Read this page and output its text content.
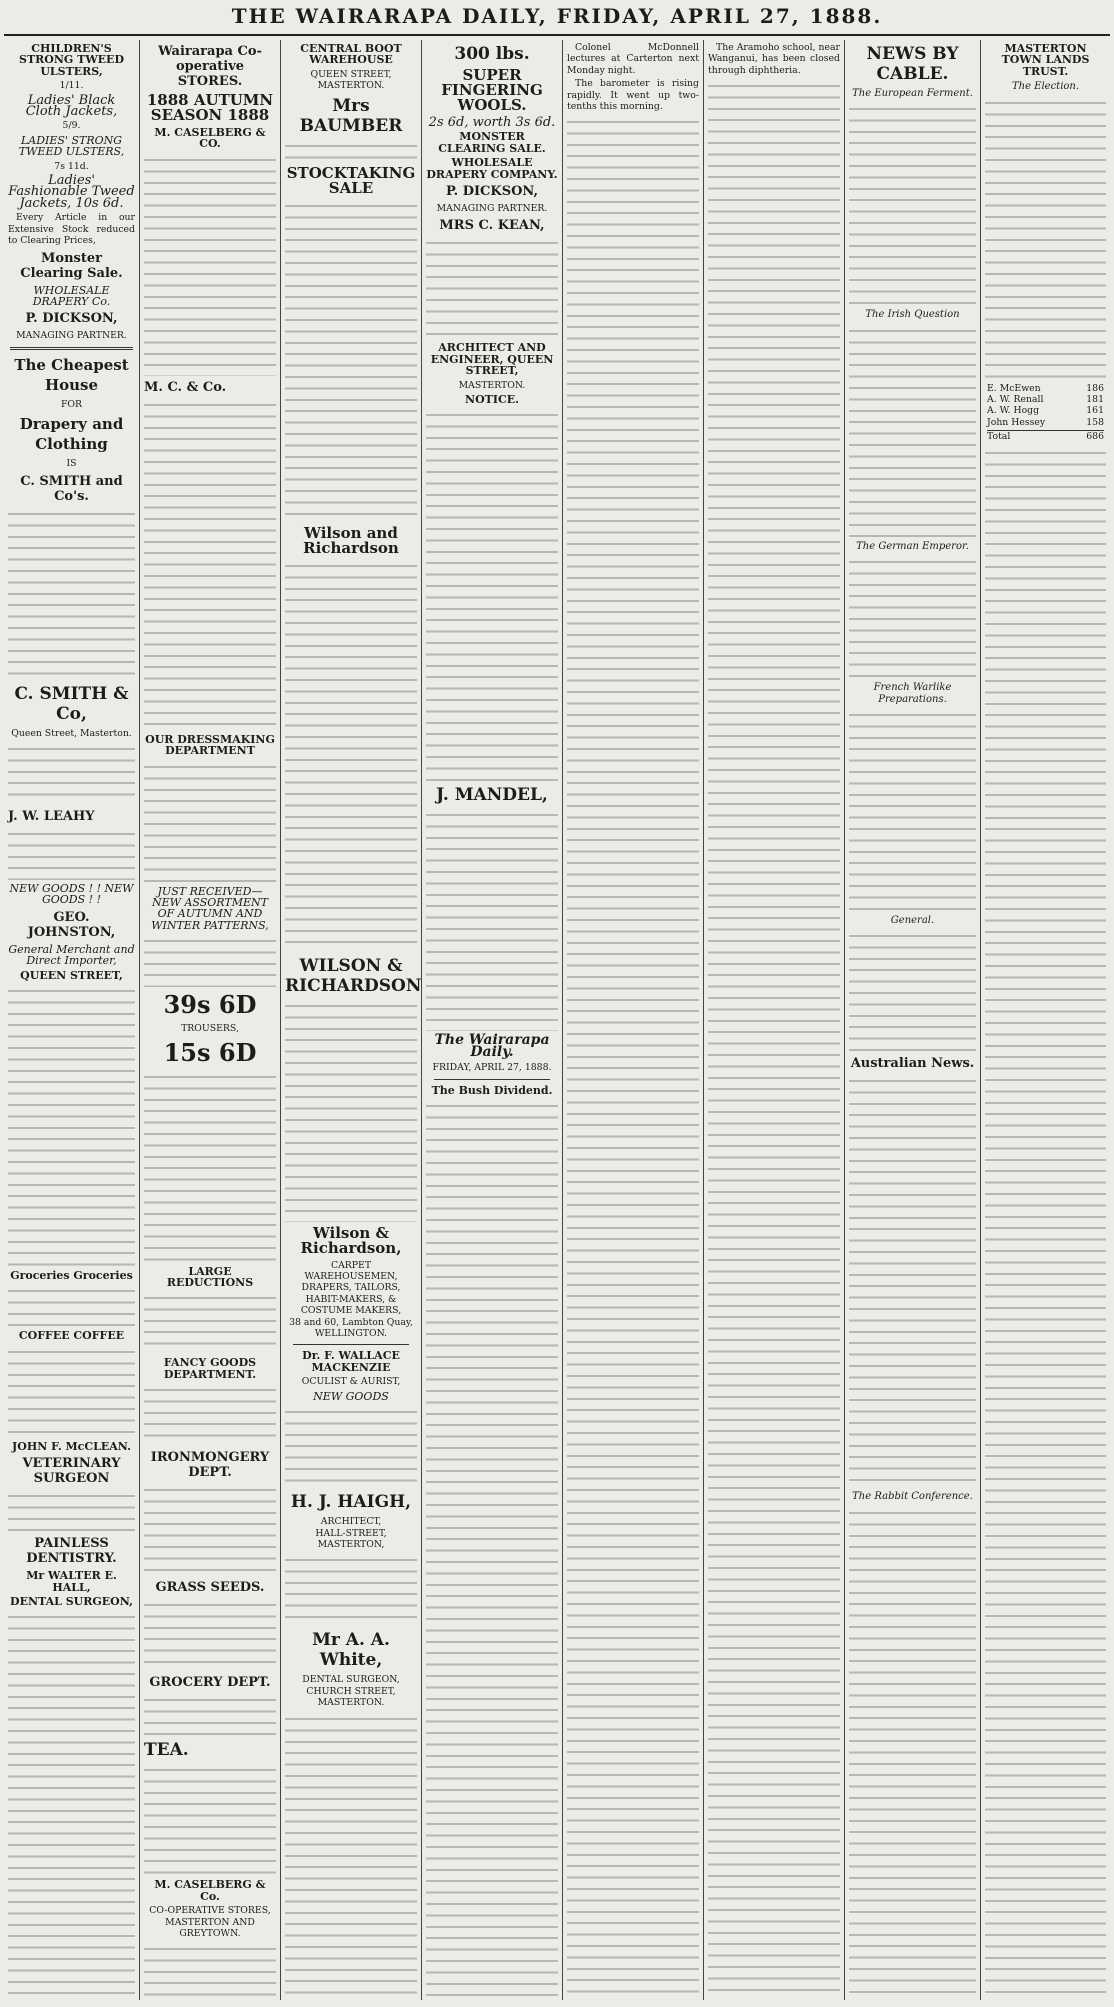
THE WAIRARAPA DAILY, FRIDAY, APRIL 27, 1888.
CHILDREN'S STRONG TWEED ULSTERS,
1/11.
Ladies' Black Cloth Jackets,
5/9.
LADIES' STRONG TWEED ULSTERS,
7s 11d.
Ladies' Fashionable Tweed Jackets, 10s 6d.
Every Article in our Extensive Stock reduced to Clearing Prices,
Monster Clearing Sale.
WHOLESALE DRAPERY Co.
P. DICKSON,
MANAGING PARTNER.
The Cheapest House
FOR
Drapery and Clothing
IS
C. SMITH and Co's.
C. SMITH & Co,
Queen Street, Masterton.
J. W. LEAHY
NEW GOODS ! ! NEW GOODS ! !
GEO. JOHNSTON,
General Merchant and Direct Importer,
QUEEN STREET,
Groceries Groceries
COFFEE COFFEE
JOHN F. McCLEAN.
VETERINARY SURGEON
PAINLESS DENTISTRY.
Mr WALTER E. HALL,
DENTAL SURGEON,
Wairarapa Co-operative STORES.
1888 AUTUMN SEASON 1888
M. CASELBERG & CO.
M. C. & Co.
OUR DRESSMAKING DEPARTMENT
JUST RECEIVED—NEW ASSORTMENT OF AUTUMN AND WINTER PATTERNS,
39s 6D
TROUSERS,
15s 6D
LARGE REDUCTIONS
FANCY GOODS DEPARTMENT.
IRONMONGERY DEPT.
GRASS SEEDS.
GROCERY DEPT.
TEA.
M. CASELBERG & Co.
CO-OPERATIVE STORES, MASTERTON AND GREYTOWN.
CENTRAL BOOT WAREHOUSE
QUEEN STREET, MASTERTON.
Mrs BAUMBER
STOCKTAKING SALE
Wilson and Richardson
WILSON & RICHARDSON
Wilson & Richardson,
CARPET WAREHOUSEMEN, DRAPERS, TAILORS, HABIT-MAKERS, & COSTUME MAKERS,
38 and 60, Lambton Quay, WELLINGTON.
Dr. F. WALLACE MACKENZIE
OCULIST & AURIST,
NEW GOODS
H. J. HAIGH,
ARCHITECT,
HALL-STREET, MASTERTON,
Mr A. A. White,
DENTAL SURGEON, CHURCH STREET, MASTERTON.
300 lbs.
SUPER FINGERING WOOLS.
2s 6d, worth 3s 6d.
MONSTER CLEARING SALE.
WHOLESALE DRAPERY COMPANY.
P. DICKSON,
MANAGING PARTNER.
MRS C. KEAN,
ARCHITECT AND ENGINEER, QUEEN STREET,
MASTERTON.
NOTICE.
J. MANDEL,
The Wairarapa Daily.
FRIDAY, APRIL 27, 1888.
The Bush Dividend.
Colonel McDonnell lectures at Carterton next Monday night.
The barometer is rising rapidly. It went up two-tenths this morning.
The Aramoho school, near Wanganui, has been closed through diphtheria.
NEWS BY CABLE.
The European Ferment.
The Irish Question
The German Emperor.
French Warlike Preparations.
General.
Australian News.
The Rabbit Conference.
MASTERTON TOWN LANDS TRUST.
The Election.
E. McEwen	186
A. W. Renall	181
A. W. Hogg	161
John Hessey	158
Total	686
